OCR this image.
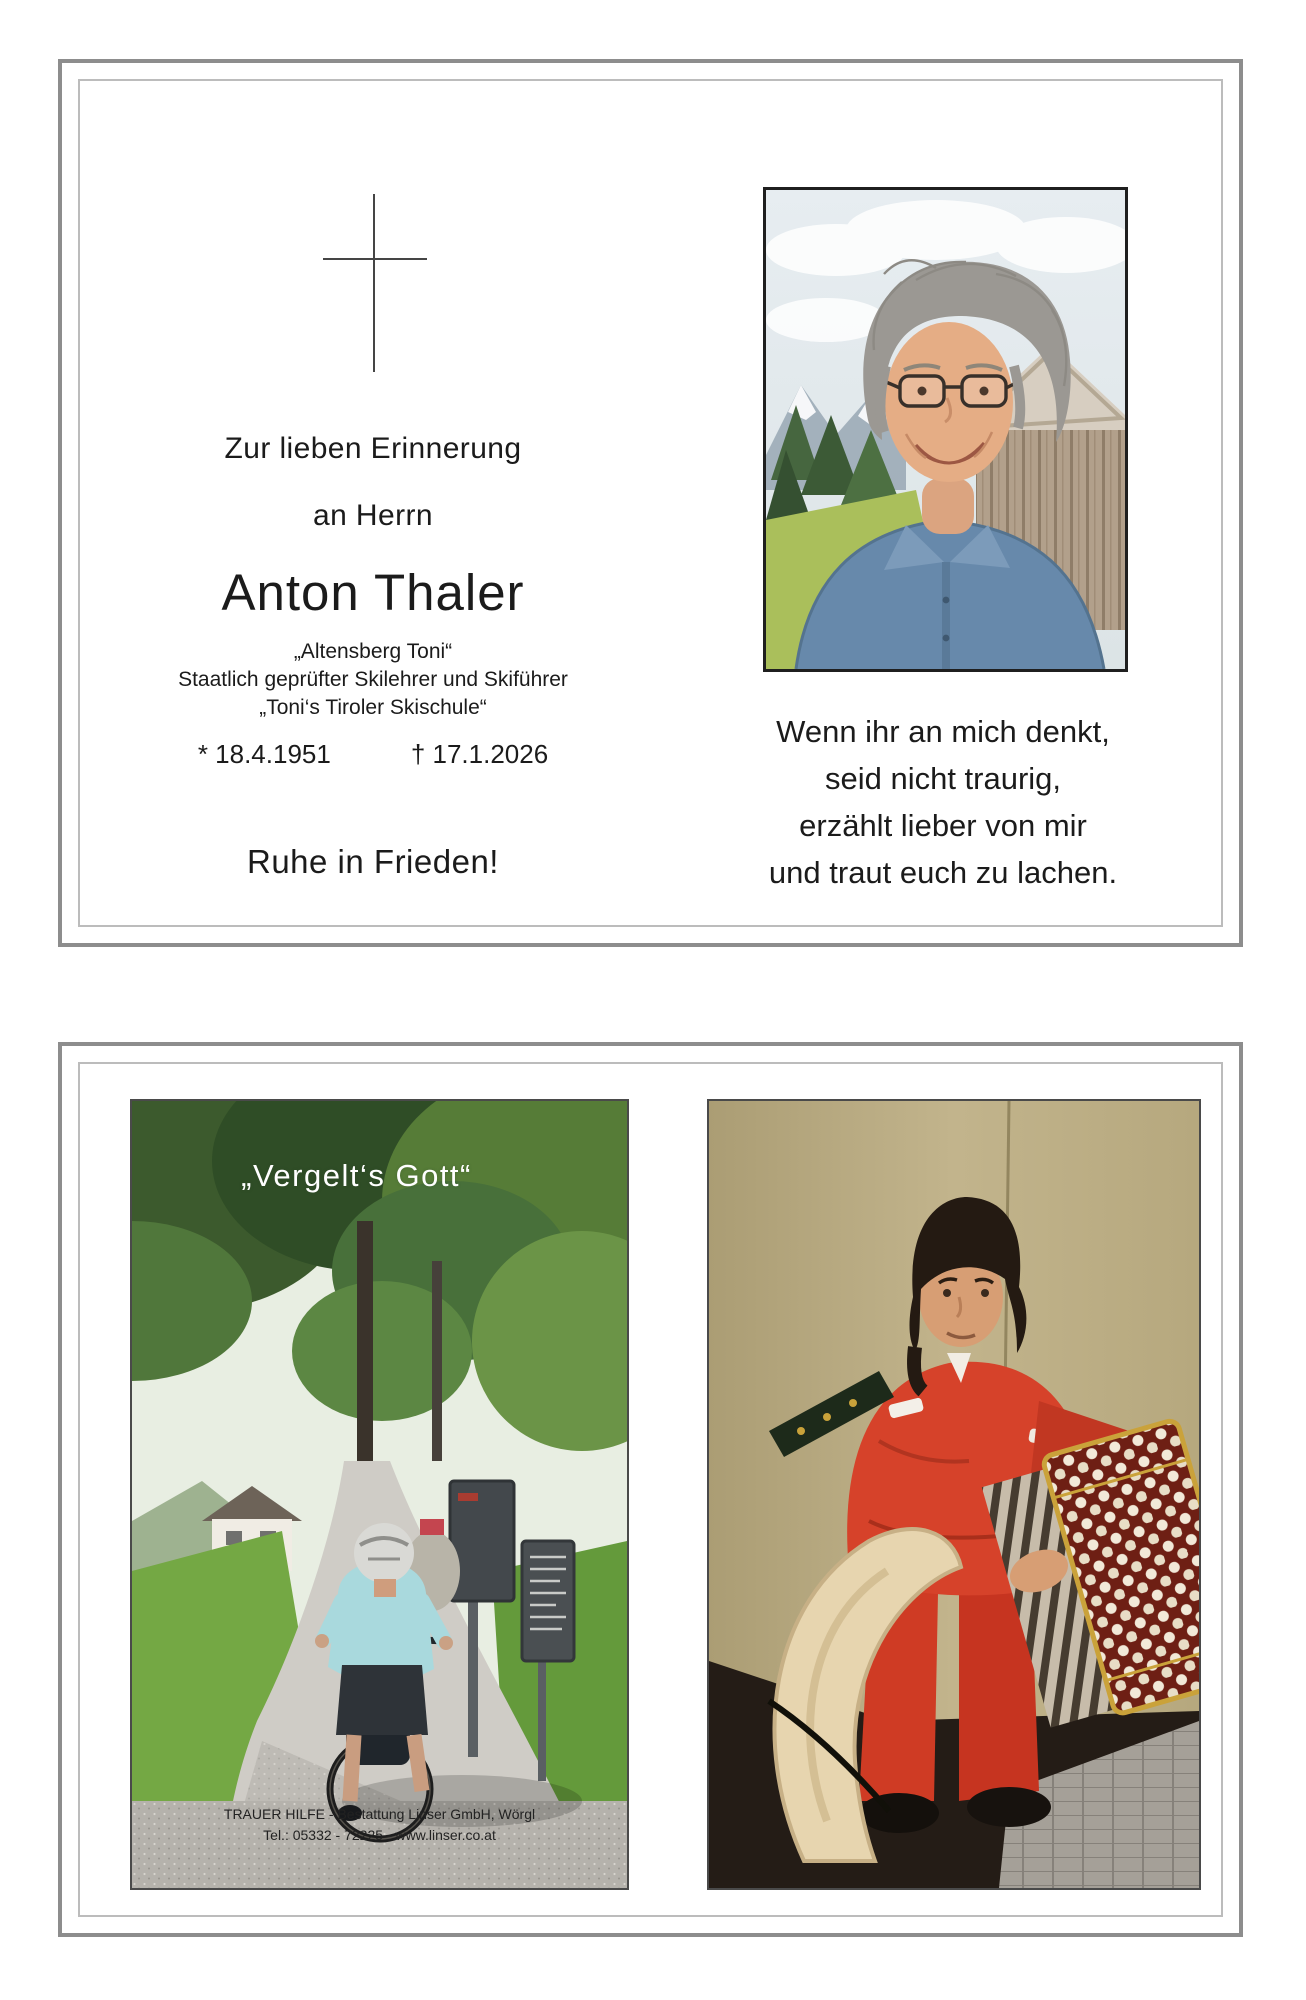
Zur lieben Erinnerung
an Herrn
Anton Thaler
„Altensberg Toni“
Staatlich geprüfter Skilehrer und Skiführer
„Toni‘s Tiroler Skischule“
* 18.4.1951	† 17.1.2026
Ruhe in Frieden!
Wenn ihr an mich denkt,
seid nicht traurig,
erzählt lieber von mir
und traut euch zu lachen.
„Vergelt‘s Gott“
TRAUER HILFE - Bestattung Linser GmbH, Wörgl
Tel.: 05332 - 72225 - www.linser.co.at
